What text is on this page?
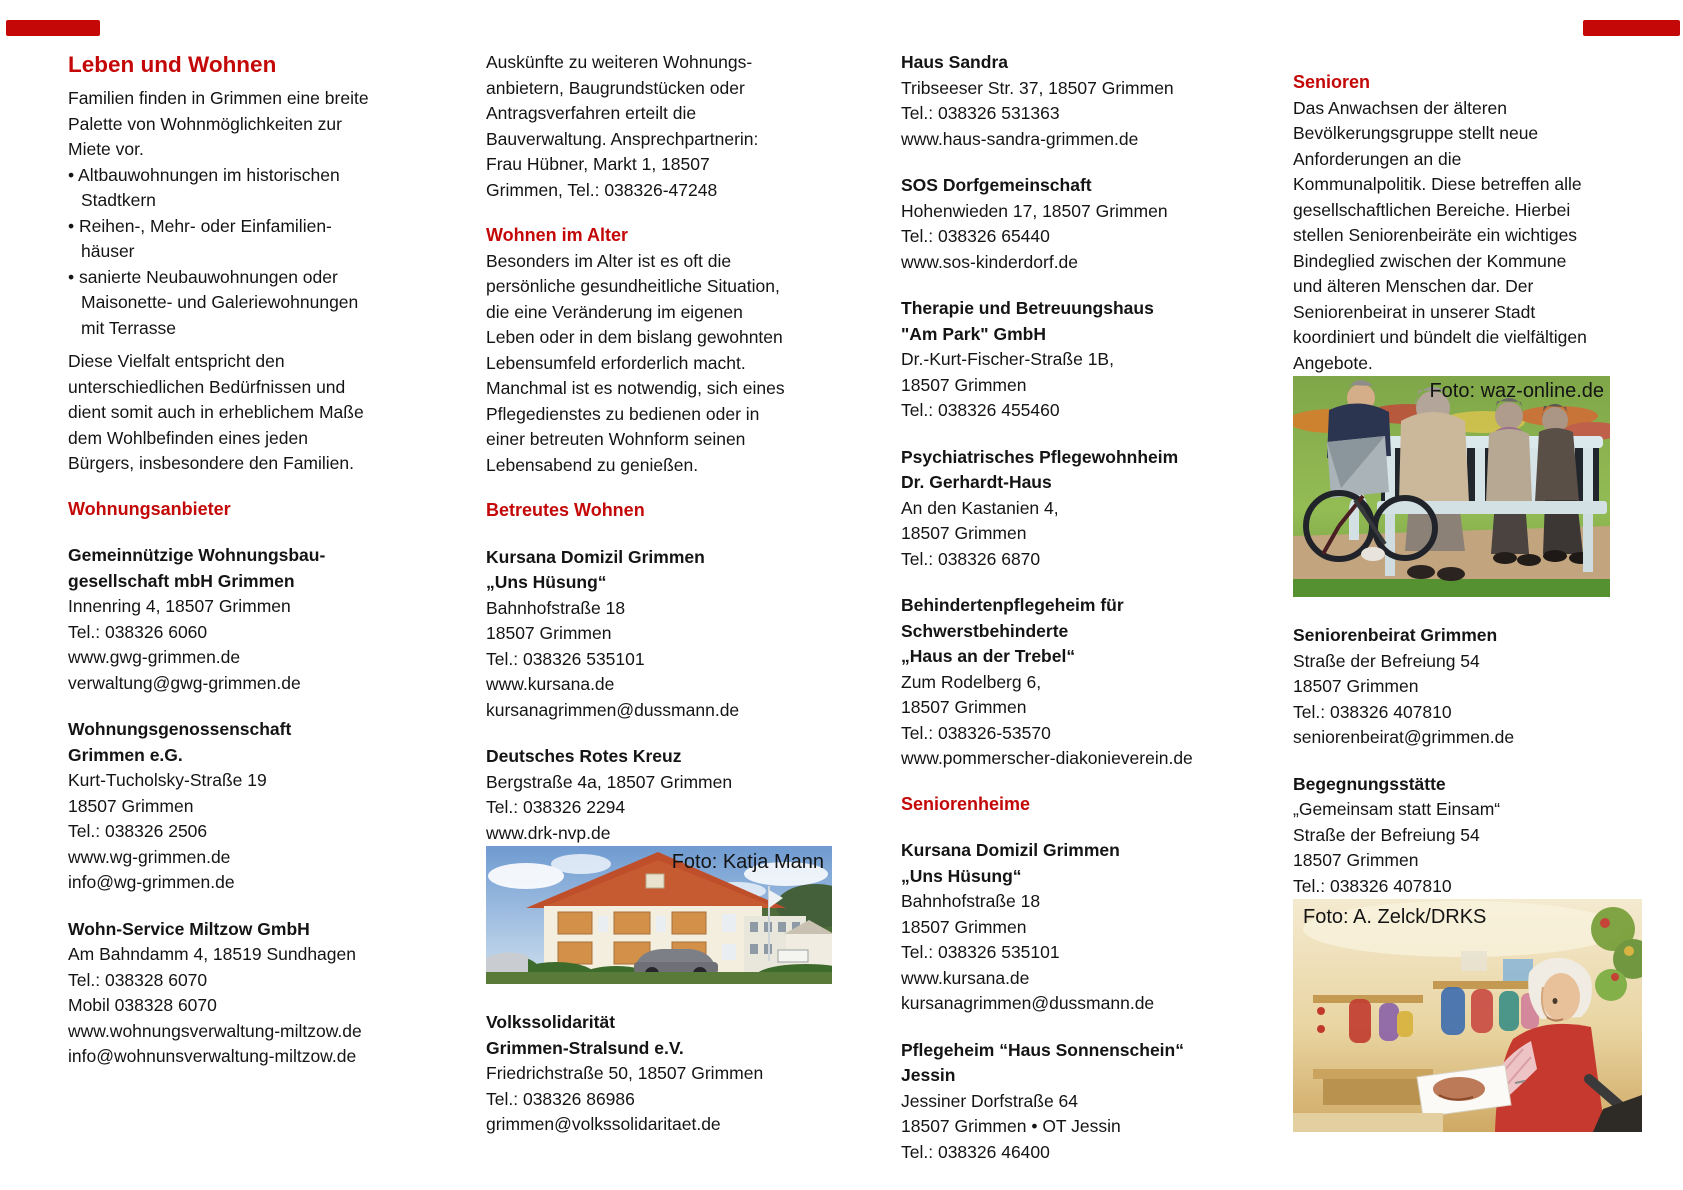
Leben und Wohnen
Familien finden in Grimmen eine breite
Palette von Wohnmöglichkeiten zur
Miete vor.
• Altbauwohnungen im historischen
Stadtkern
• Reihen-, Mehr- oder Einfamilien-
häuser
• sanierte Neubauwohnungen oder
Maisonette- und Galeriewohnungen
mit Terrasse
Diese Vielfalt entspricht den
unterschiedlichen Bedürfnissen und
dient somit auch in erheblichem Maße
dem Wohlbefinden eines jeden
Bürgers, insbesondere den Familien.
Wohnungsanbieter
Gemeinnützige Wohnungsbau-
gesellschaft mbH Grimmen
Innenring 4, 18507 Grimmen
Tel.: 038326 6060
www.gwg-grimmen.de
verwaltung@gwg-grimmen.de
Wohnungsgenossenschaft
Grimmen e.G.
Kurt-Tucholsky-Straße 19
18507 Grimmen
Tel.: 038326 2506
www.wg-grimmen.de
info@wg-grimmen.de
Wohn-Service Miltzow GmbH
Am Bahndamm 4, 18519 Sundhagen
Tel.: 038328 6070
Mobil 038328 6070
www.wohnungsverwaltung-miltzow.de
info@wohnunsverwaltung-miltzow.de
Auskünfte zu weiteren Wohnungs-
anbietern, Baugrundstücken oder
Antragsverfahren erteilt die
Bauverwaltung. Ansprechpartnerin:
Frau Hübner, Markt 1, 18507
Grimmen, Tel.: 038326-47248
Wohnen im Alter
Besonders im Alter ist es oft die
persönliche gesundheitliche Situation,
die eine Veränderung im eigenen
Leben oder in dem bislang gewohnten
Lebensumfeld erforderlich macht.
Manchmal ist es notwendig, sich eines
Pflegedienstes zu bedienen oder in
einer betreuten Wohnform seinen
Lebensabend zu genießen.
Betreutes Wohnen
Kursana Domizil Grimmen
„Uns Hüsung“
Bahnhofstraße 18
18507 Grimmen
Tel.: 038326 535101
www.kursana.de
kursanagrimmen@dussmann.de
Deutsches Rotes Kreuz
Bergstraße 4a, 18507 Grimmen
Tel.: 038326 2294
www.drk-nvp.de
Foto: Katja Mann
Volkssolidarität
Grimmen-Stralsund e.V.
Friedrichstraße 50, 18507 Grimmen
Tel.: 038326 86986
grimmen@volkssolidaritaet.de
Haus Sandra
Tribseeser Str. 37, 18507 Grimmen
Tel.: 038326 531363
www.haus-sandra-grimmen.de
SOS Dorfgemeinschaft
Hohenwieden 17, 18507 Grimmen
Tel.: 038326 65440
www.sos-kinderdorf.de
Therapie und Betreuungshaus
"Am Park" GmbH
Dr.-Kurt-Fischer-Straße 1B,
18507 Grimmen
Tel.: 038326 455460
Psychiatrisches Pflegewohnheim
Dr. Gerhardt-Haus
An den Kastanien 4,
18507 Grimmen
Tel.: 038326 6870
Behindertenpflegeheim für
Schwerstbehinderte
„Haus an der Trebel“
Zum Rodelberg 6,
18507 Grimmen
Tel.: 038326-53570
www.pommerscher-diakonieverein.de
Seniorenheime
Kursana Domizil Grimmen
„Uns Hüsung“
Bahnhofstraße 18
18507 Grimmen
Tel.: 038326 535101
www.kursana.de
kursanagrimmen@dussmann.de
Pflegeheim “Haus Sonnenschein“
Jessin
Jessiner Dorfstraße 64
18507 Grimmen • OT Jessin
Tel.: 038326 46400
Senioren
Das Anwachsen der älteren
Bevölkerungsgruppe stellt neue
Anforderungen an die
Kommunalpolitik. Diese betreffen alle
gesellschaftlichen Bereiche. Hierbei
stellen Seniorenbeiräte ein wichtiges
Bindeglied zwischen der Kommune
und älteren Menschen dar. Der
Seniorenbeirat in unserer Stadt
koordiniert und bündelt die vielfältigen
Angebote.
Foto: waz-online.de
Seniorenbeirat Grimmen
Straße der Befreiung 54
18507 Grimmen
Tel.: 038326 407810
seniorenbeirat@grimmen.de
Begegnungsstätte
„Gemeinsam statt Einsam“
Straße der Befreiung 54
18507 Grimmen
Tel.: 038326 407810
Foto: A. Zelck/DRKS
